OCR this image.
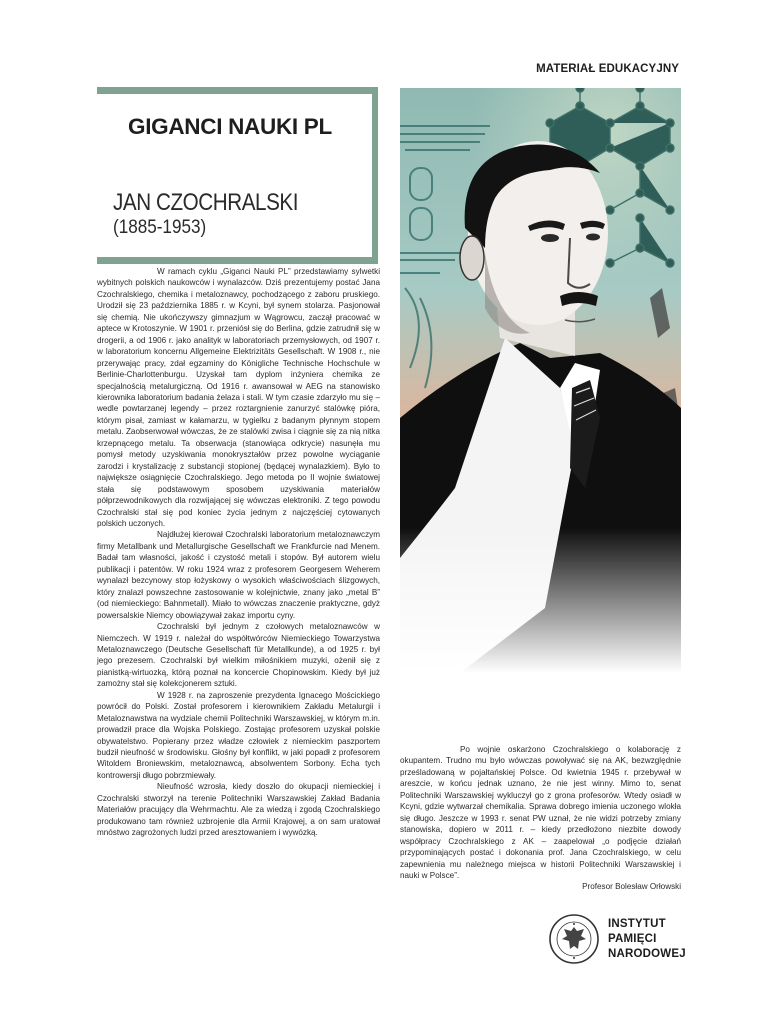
MATERIAŁ EDUKACYJNY
GIGANCI NAUKI PL
JAN CZOCHRALSKI
(1885-1953)

W ramach cyklu „Giganci Nauki PL” przedstawiamy sylwetki wybitnych polskich naukowców i wynalazców. Dziś prezentujemy postać Jana Czochralskiego, chemika i metaloznawcy, pochodzącego z zaboru pruskiego. Urodził się 23 października 1885 r. w Kcyni, był synem stolarza. Pasjonował się chemią. Nie ukończywszy gimnazjum w Wągrowcu, zaczął pracować w aptece w Krotoszynie. W 1901 r. przeniósł się do Berlina, gdzie zatrudnił się w drogerii, a od 1906 r. jako analityk w laboratoriach przemysłowych, od 1907 r. w laboratorium koncernu Allgemeine Elektrizitäts Gesellschaft. W 1908 r., nie przerywając pracy, zdał egzaminy do Königliche Technische Hochschule w Berlinie-Charlottenburgu. Uzyskał tam dyplom inżyniera chemika ze specjalnością metalurgiczną. Od 1916 r. awansował w AEG na stanowisko kierownika laboratorium badania żelaza i stali. W tym czasie zdarzyło mu się – wedle powtarzanej legendy – przez roztargnienie zanurzyć stalówkę pióra, którym pisał, zamiast w kałamarzu, w tygielku z badanym płynnym stopem metalu. Zaobserwował wówczas, że ze stalówki zwisa i ciągnie się za nią nitka krzepnącego metalu. Ta obserwacja (stanowiąca odkrycie) nasunęła mu pomysł metody uzyskiwania monokryształów przez powolne wyciąganie zarodzi i krystalizację z substancji stopionej (będącej wynalazkiem). Było to największe osiągnięcie Czochralskiego. Jego metoda po II wojnie światowej stała się podstawowym sposobem uzyskiwania materiałów półprzewodnikowych dla rozwijającej się wówczas elektroniki. Z tego powodu Czochralski stał się pod koniec życia jednym z najczęściej cytowanych polskich uczonych.

Najdłużej kierował Czochralski laboratorium metaloznawczym firmy Metallbank und Metallurgische Gesellschaft we Frankfurcie nad Menem. Badał tam własności, jakość i czystość metali i stopów. Był autorem wielu publikacji i patentów. W roku 1924 wraz z profesorem Georgesem Weherem wynalazł bezcynowy stop łożyskowy o wysokich właściwościach ślizgowych, który znalazł powszechne zastosowanie w kolejnictwie, znany jako „metal B” (od niemieckiego: Bahnmetall). Miało to wówczas znaczenie praktyczne, gdyż powersalskie Niemcy obowiązywał zakaz importu cyny.

Czochralski był jednym z czołowych metaloznawców w Niemczech. W 1919 r. należał do współtwórców Niemieckiego Towarzystwa Metaloznawczego (Deutsche Gesellschaft für Metallkunde), a od 1925 r. był jego prezesem. Czochralski był wielkim miłośnikiem muzyki, ożenił się z pianistką-wirtuozką, którą poznał na koncercie Chopinowskim. Kiedy był już zamożny stał się kolekcjonerem sztuki.

W 1928 r. na zaproszenie prezydenta Ignacego Mościckiego powrócił do Polski. Został profesorem i kierownikiem Zakładu Metalurgii i Metaloznawstwa na wydziale chemii Politechniki Warszawskiej, w którym m.in. prowadził prace dla Wojska Polskiego. Zostając profesorem uzyskał polskie obywatelstwo. Popierany przez władze człowiek z niemieckim paszportem budził nieufność w środowisku. Głośny był konflikt, w jaki popadł z profesorem Witoldem Broniewskim, metaloznawcą, absolwentem Sorbony. Echa tych kontrowersji długo pobrzmiewały.

Nieufność wzrosła, kiedy doszło do okupacji niemieckiej i Czochralski stworzył na terenie Politechniki Warszawskiej Zakład Badania Materiałów pracujący dla Wehrmachtu. Ale za wiedzą i zgodą Czochralskiego produkowano tam również uzbrojenie dla Armii Krajowej, a on sam uratował mnóstwo zagrożonych ludzi przed aresztowaniem i wywózką.

Po wojnie oskarżono Czochralskiego o kolaborację z okupantem. Trudno mu było wówczas powoływać się na AK, bezwzględnie prześladowaną w pojałtańskiej Polsce. Od kwietnia 1945 r. przebywał w areszcie, w końcu jednak uznano, że nie jest winny. Mimo to, senat Politechniki Warszawskiej wykluczył go z grona profesorów. Wtedy osiadł w Kcyni, gdzie wytwarzał chemikalia. Sprawa dobrego imienia uczonego wlokła się długo. Jeszcze w 1993 r. senat PW uznał, że nie widzi potrzeby zmiany stanowiska, dopiero w 2011 r. – kiedy przedłożono niezbite dowody współpracy Czochralskiego z AK – zaapelował „o podjęcie działań przypominających postać i dokonania prof. Jana Czochralskiego, w celu zapewnienia mu należnego miejsca w historii Politechniki Warszawskiej i nauki w Polsce”.

Profesor Bolesław Orłowski

INSTYTUT
PAMIĘCI
NARODOWEJ
